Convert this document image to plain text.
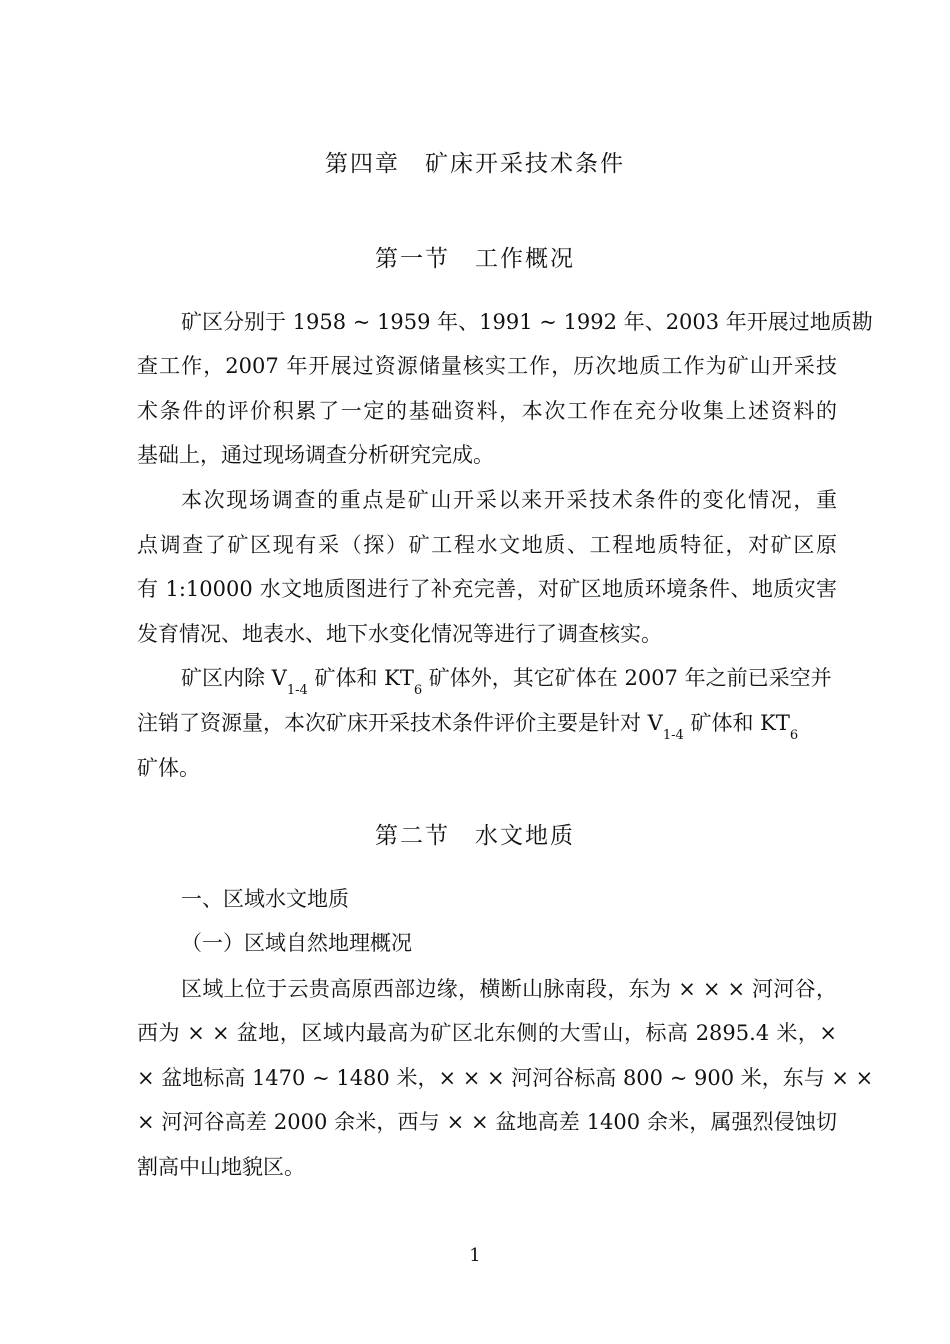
第四章　矿床开采技术条件
第一节　工作概况
矿区分别于 1958 ~ 1959 年、1991 ~ 1992 年、2003 年开展过地质勘
查工作，2007 年开展过资源储量核实工作，历次地质工作为矿山开采技
术条件的评价积累了一定的基础资料，本次工作在充分收集上述资料的
基础上，通过现场调查分析研究完成。
本次现场调查的重点是矿山开采以来开采技术条件的变化情况，重
点调查了矿区现有采（探）矿工程水文地质、工程地质特征，对矿区原
有 1:10000 水文地质图进行了补充完善，对矿区地质环境条件、地质灾害
发育情况、地表水、地下水变化情况等进行了调查核实。
矿区内除 $V_{1-4}$ 矿体和 $KT_6$ 矿体外，其它矿体在 2007 年之前已采空并
注销了资源量，本次矿床开采技术条件评价主要是针对 $V_{1-4}$ 矿体和 $KT_6$
矿体。
第二节　水文地质
一、区域水文地质
（一）区域自然地理概况
区域上位于云贵高原西部边缘，横断山脉南段，东为 × × × 河河谷，
西为 × × 盆地，区域内最高为矿区北东侧的大雪山，标高 2895.4 米，×
× 盆地标高 1470 ~ 1480 米，× × × 河河谷标高 800 ~ 900 米，东与 × ×
× 河河谷高差 2000 余米，西与 × × 盆地高差 1400 余米，属强烈侵蚀切
割高中山地貌区。
1
